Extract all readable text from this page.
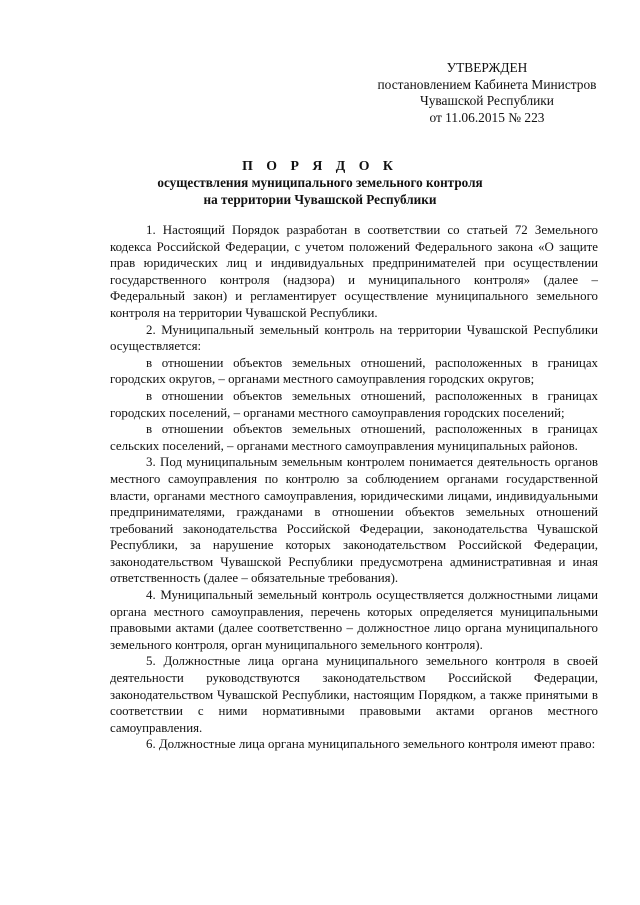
УТВЕРЖДЕН
постановлением Кабинета Министров
Чувашской Республики
от 11.06.2015 № 223
П О Р Я Д О К
осуществления муниципального земельного контроля
на территории Чувашской Республики

1. Настоящий Порядок разработан в соответствии со статьей 72 Земельного кодекса Российской Федерации, с учетом положений Федерального закона «О защите прав юридических лиц и индивидуальных предпринимателей при осуществлении государственного контроля (надзора) и муниципального контроля» (далее – Федеральный закон) и регламентирует осуществление муниципального земельного контроля на территории Чувашской Республики.

2. Муниципальный земельный контроль на территории Чувашской Республики осуществляется:

в отношении объектов земельных отношений, расположенных в границах городских округов, – органами местного самоуправления городских округов;

в отношении объектов земельных отношений, расположенных в границах городских поселений, – органами местного самоуправления городских поселений;

в отношении объектов земельных отношений, расположенных в границах сельских поселений, – органами местного самоуправления муниципальных районов.

3. Под муниципальным земельным контролем понимается деятельность органов местного самоуправления по контролю за соблюдением органами государственной власти, органами местного самоуправления, юридическими лицами, индивидуальными предпринимателями, гражданами в отношении объектов земельных отношений требований законодательства Российской Федерации, законодательства Чувашской Республики, за нарушение которых законодательством Российской Федерации, законодательством Чувашской Республики предусмотрена административная и иная ответственность (далее – обязательные требования).

4. Муниципальный земельный контроль осуществляется должностными лицами органа местного самоуправления, перечень которых определяется муниципальными правовыми актами (далее соответственно – должностное лицо органа муниципального земельного контроля, орган муниципального земельного контроля).

5. Должностные лица органа муниципального земельного контроля в своей деятельности руководствуются законодательством Российской Федерации, законодательством Чувашской Республики, настоящим Порядком, а также принятыми в соответствии с ними нормативными правовыми актами органов местного самоуправления.

6. Должностные лица органа муниципального земельного контроля имеют право:
